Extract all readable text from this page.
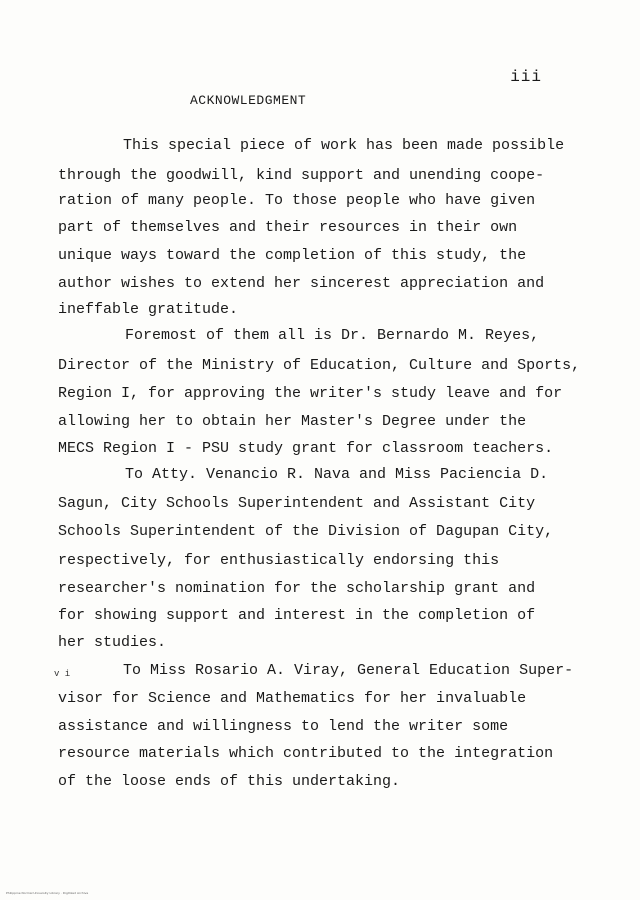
iii
ACKNOWLEDGMENT
This special piece of work has been made possible
through the goodwill, kind support and unending coope-
ration of many people. To those people who have given
part of themselves and their resources in their own
unique ways toward the completion of this study, the
author wishes to extend her sincerest appreciation and
ineffable gratitude.
Foremost of them all is Dr. Bernardo M. Reyes,
Director of the Ministry of Education, Culture and Sports,
Region I, for approving the writer's study leave and for
allowing her to obtain her Master's Degree under the
MECS Region I - PSU study grant for classroom teachers.
To Atty. Venancio R. Nava and Miss Paciencia D.
Sagun, City Schools Superintendent and Assistant City
Schools Superintendent of the Division of Dagupan City,
respectively, for enthusiastically endorsing this
researcher's nomination for the scholarship grant and
for showing support and interest in the completion of
her studies.
v i	To Miss Rosario A. Viray, General Education Super-
visor for Science and Mathematics for her invaluable
assistance and willingness to lend the writer some
resource materials which contributed to the integration
of the loose ends of this undertaking.
Philippine Normal University Library · Digitized Archive
